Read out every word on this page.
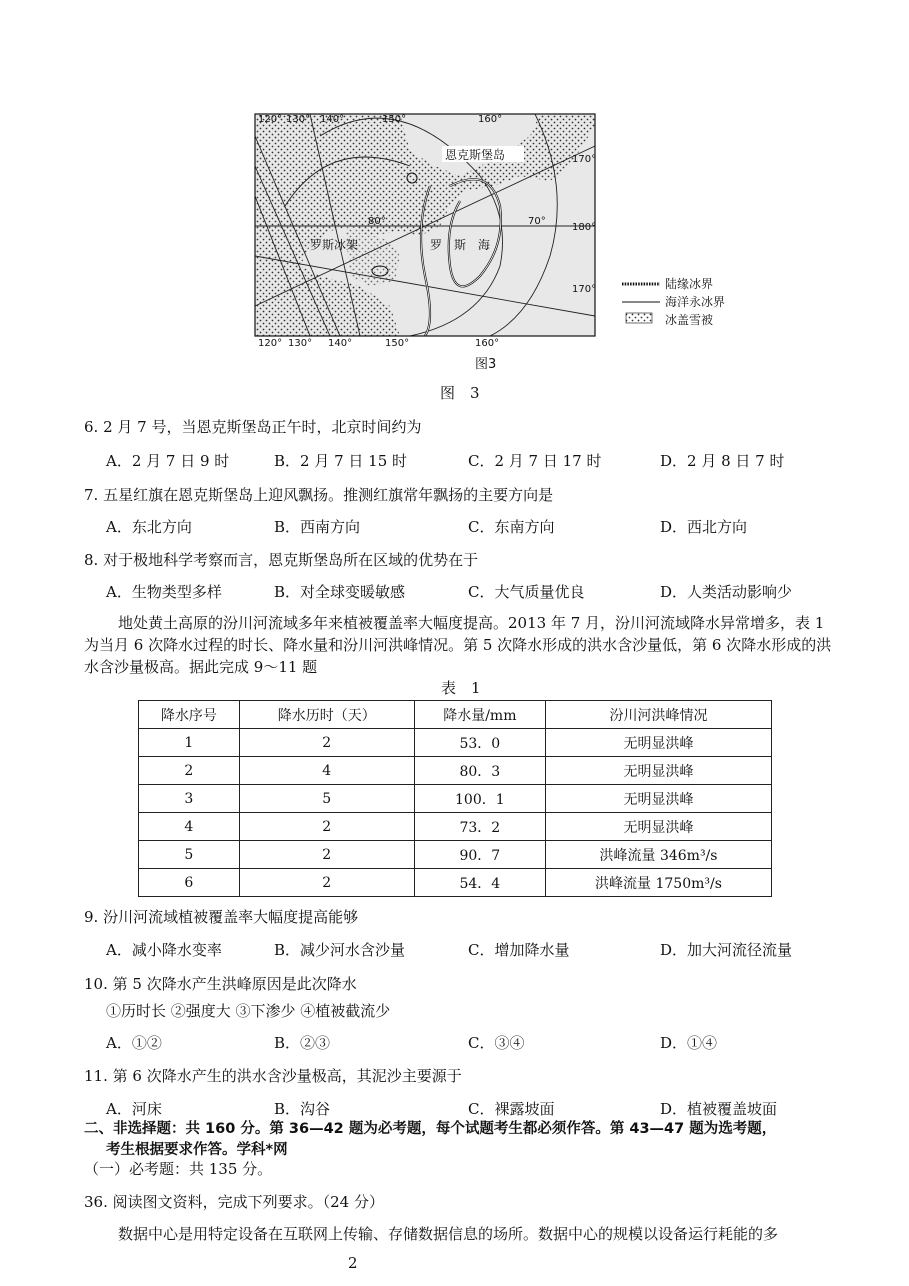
120° 130° 140°	150°	160°
120° 130° 140°	150°	160°
170°
180°
170°
80°	70°
恩克斯堡岛
罗斯冰架	罗　斯　海
陆缘冰界
海洋永冰界
冰盖雪被
图3
图　3
6. 2 月 7 号，当恩克斯堡岛正午时，北京时间约为
A．2 月 7 日 9 时	B．2 月 7 日 15 时	C．2 月 7 日 17 时	D．2 月 8 日 7 时
7. 五星红旗在恩克斯堡岛上迎风飘扬。推测红旗常年飘扬的主要方向是
A．东北方向	B．西南方向	C．东南方向	D．西北方向
8. 对于极地科学考察而言，恩克斯堡岛所在区域的优势在于
A．生物类型多样	B．对全球变暖敏感	C．大气质量优良	D．人类活动影响少
地处黄土高原的汾川河流域多年来植被覆盖率大幅度提高。2013 年 7 月，汾川河流域降水异常增多，表 1 为当月 6 次降水过程的时长、降水量和汾川河洪峰情况。第 5 次降水形成的洪水含沙量低，第 6 次降水形成的洪水含沙量极高。据此完成 9～11 题
表　1
降水序号	降水历时（天）	降水量/mm	汾川河洪峰情况
1	2	53．0	无明显洪峰
2	4	80．3	无明显洪峰
3	5	100．1	无明显洪峰
4	2	73．2	无明显洪峰
5	2	90．7	洪峰流量 346m³/s
6	2	54．4	洪峰流量 1750m³/s
9. 汾川河流域植被覆盖率大幅度提高能够
A．减小降水变率	B．减少河水含沙量	C．增加降水量	D．加大河流径流量
10. 第 5 次降水产生洪峰原因是此次降水
①历时长 ②强度大 ③下渗少 ④植被截流少
A．①②	B．②③	C．③④	D．①④
11. 第 6 次降水产生的洪水含沙量极高，其泥沙主要源于
A．河床	B．沟谷	C．裸露坡面	D．植被覆盖坡面
二、非选择题：共 160 分。第 36—42 题为必考题，每个试题考生都必须作答。第 43—47 题为选考题，
考生根据要求作答。学科*网
（一）必考题：共 135 分。
36. 阅读图文资料，完成下列要求。（24 分）
数据中心是用特定设备在互联网上传输、存储数据信息的场所。数据中心的规模以设备运行耗能的多
2
